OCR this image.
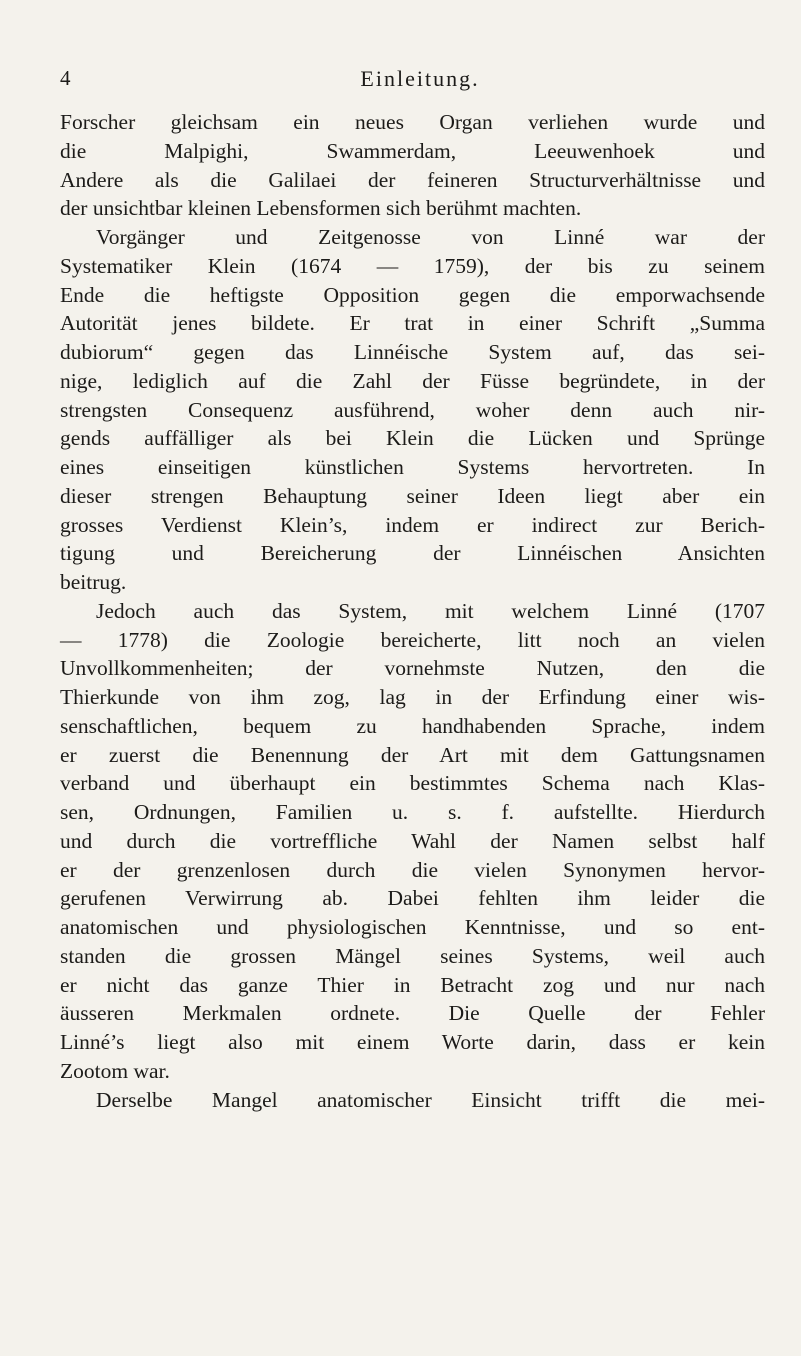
4	Einleitung.
Forscher gleichsam ein neues Organ verliehen wurde und
die Malpighi, Swammerdam, Leeuwenhoek und
Andere als die Galilaei der feineren Structurverhältnisse und
der unsichtbar kleinen Lebensformen sich berühmt machten.
Vorgänger und Zeitgenosse von Linné war der
Systematiker Klein (1674 — 1759), der bis zu seinem
Ende die heftigste Opposition gegen die emporwachsende
Autorität jenes bildete. Er trat in einer Schrift „Summa
dubiorum“ gegen das Linnéische System auf, das sei-
nige, lediglich auf die Zahl der Füsse begründete, in der
strengsten Consequenz ausführend, woher denn auch nir-
gends auffälliger als bei Klein die Lücken und Sprünge
eines einseitigen künstlichen Systems hervortreten. In
dieser strengen Behauptung seiner Ideen liegt aber ein
grosses Verdienst Klein’s, indem er indirect zur Berich-
tigung und Bereicherung der Linnéischen Ansichten
beitrug.
Jedoch auch das System, mit welchem Linné (1707
— 1778) die Zoologie bereicherte, litt noch an vielen
Unvollkommenheiten; der vornehmste Nutzen, den die
Thierkunde von ihm zog, lag in der Erfindung einer wis-
senschaftlichen, bequem zu handhabenden Sprache, indem
er zuerst die Benennung der Art mit dem Gattungsnamen
verband und überhaupt ein bestimmtes Schema nach Klas-
sen, Ordnungen, Familien u. s. f. aufstellte. Hierdurch
und durch die vortreffliche Wahl der Namen selbst half
er der grenzenlosen durch die vielen Synonymen hervor-
gerufenen Verwirrung ab. Dabei fehlten ihm leider die
anatomischen und physiologischen Kenntnisse, und so ent-
standen die grossen Mängel seines Systems, weil auch
er nicht das ganze Thier in Betracht zog und nur nach
äusseren Merkmalen ordnete. Die Quelle der Fehler
Linné’s liegt also mit einem Worte darin, dass er kein
Zootom war.
Derselbe Mangel anatomischer Einsicht trifft die mei-
